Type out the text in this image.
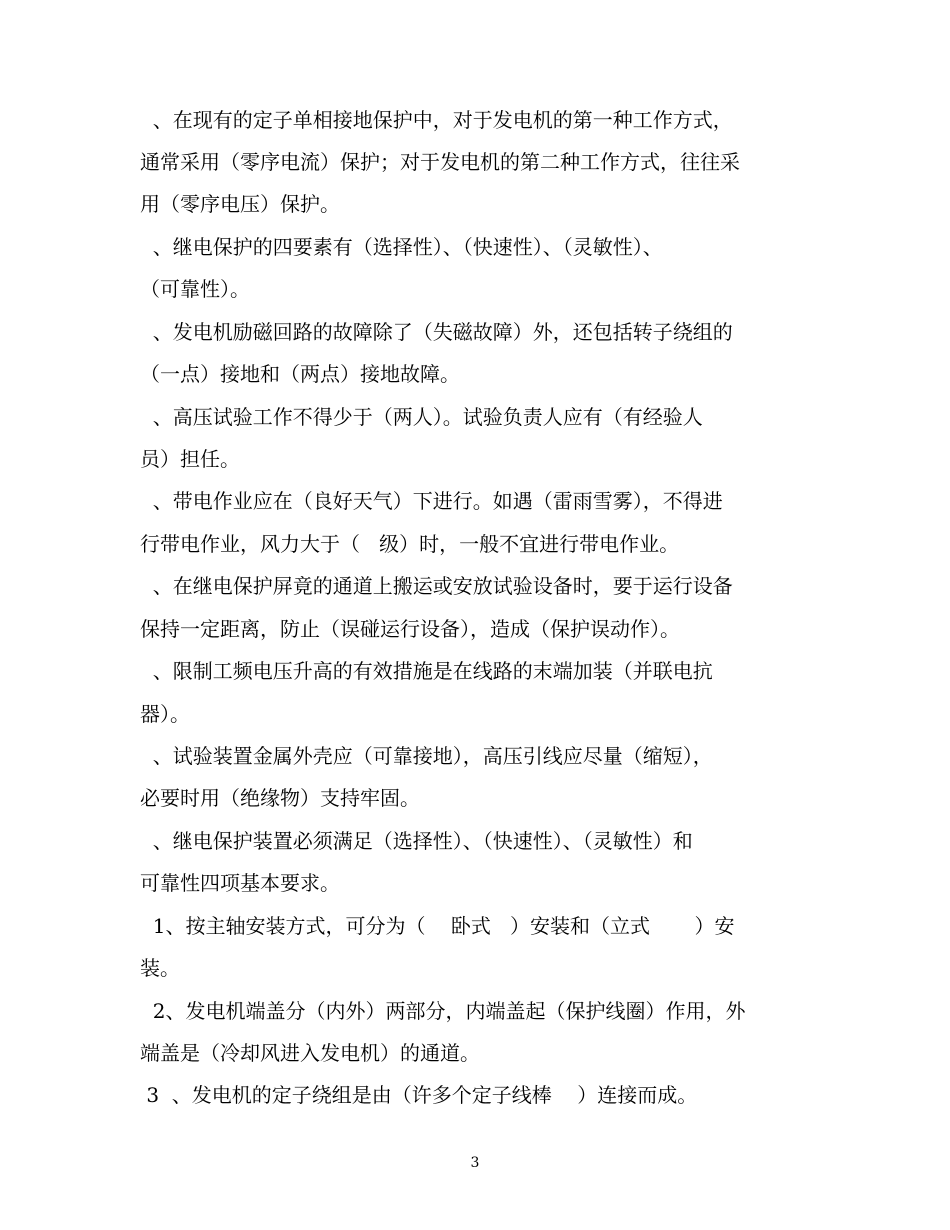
、在现有的定子单相接地保护中，对于发电机的第一种工作方式，
通常采用（零序电流）保护；对于发电机的第二种工作方式，往往采
用（零序电压）保护。
、继电保护的四要素有（选择性）、（快速性）、（灵敏性）、
（可靠性）。
、发电机励磁回路的故障除了（失磁故障）外，还包括转子绕组的
（一点）接地和（两点）接地故障。
、高压试验工作不得少于（两人）。试验负责人应有（有经验人
员）担任。
、带电作业应在（良好天气）下进行。如遇（雷雨雪雾），不得进
行带电作业，风力大于（   级）时，一般不宜进行带电作业。
、在继电保护屏竟的通道上搬运或安放试验设备时，要于运行设备
保持一定距离，防止（误碰运行设备），造成（保护误动作）。
、限制工频电压升高的有效措施是在线路的末端加装（并联电抗
器）。
、试验装置金属外壳应（可靠接地），高压引线应尽量（缩短），
必要时用（绝缘物）支持牢固。
、继电保护装置必须满足（选择性）、（快速性）、（灵敏性）和
可靠性四项基本要求。
1、按主轴安装方式，可分为（    卧式   ）安装和（立式       ）安
装。
2、发电机端盖分（内外）两部分，内端盖起（保护线圈）作用，外
端盖是（冷却风进入发电机）的通道。
3  、发电机的定子绕组是由（许多个定子线棒    ）连接而成。
3
